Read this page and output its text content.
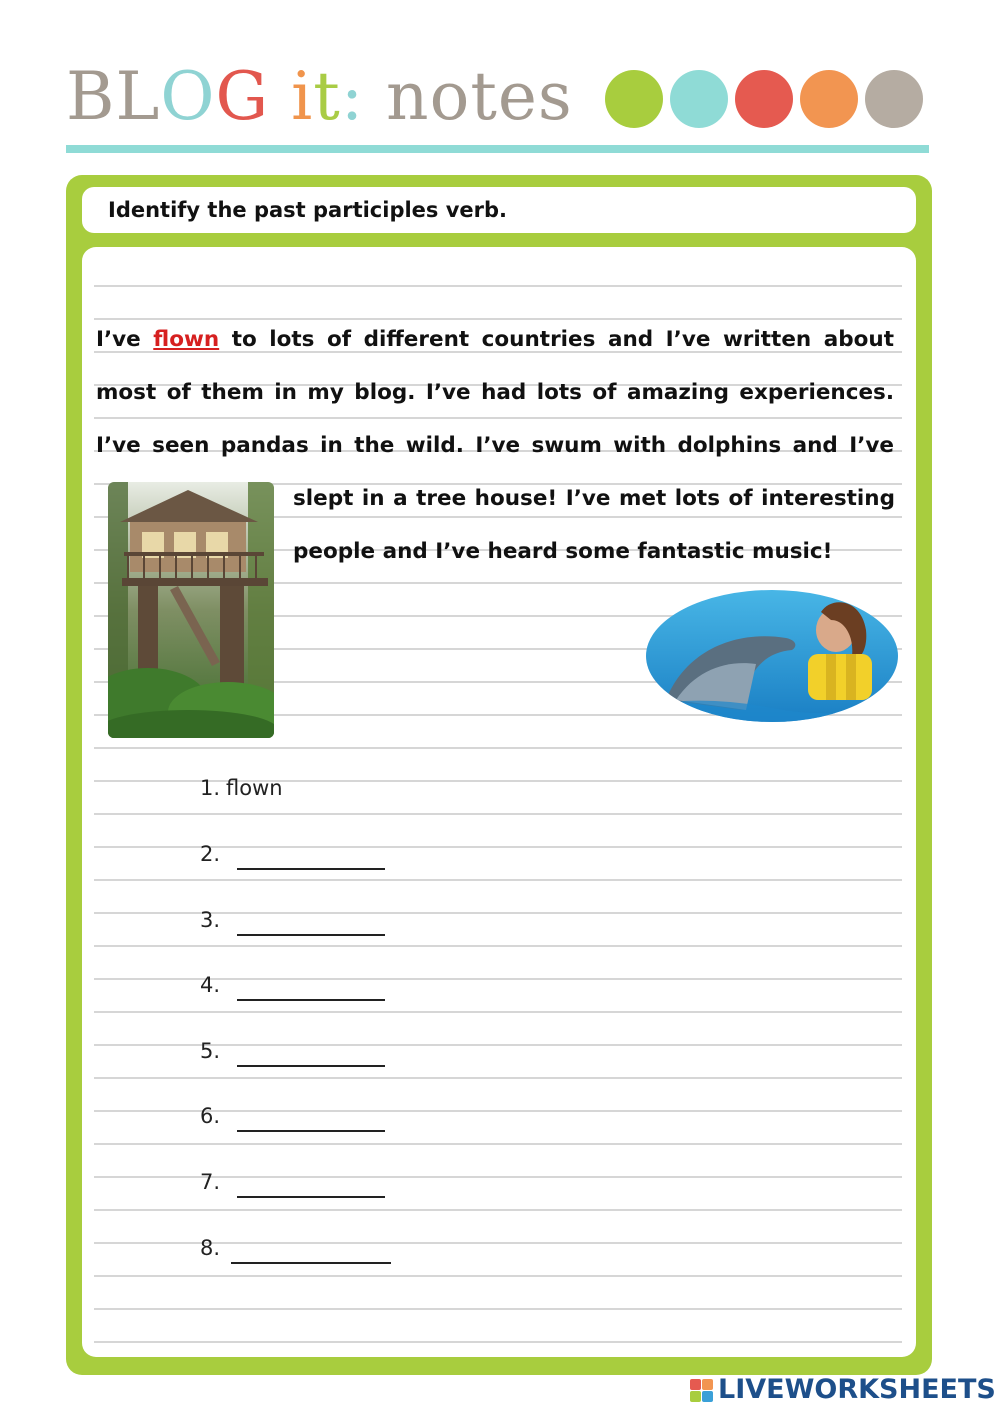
BLOG it: notes

Identify the past participles verb.

I’ve flown to lots of different countries and I’ve written about
most of them in my blog. I’ve had lots of amazing experiences.
I’ve seen pandas in the wild. I’ve swum with dolphins and I’ve
slept in a tree house! I’ve met lots of interesting
people and I’ve heard some fantastic music!
1. flown
2.
3.
4.
5.
6.
7.
8.
LIVEWORKSHEETS
